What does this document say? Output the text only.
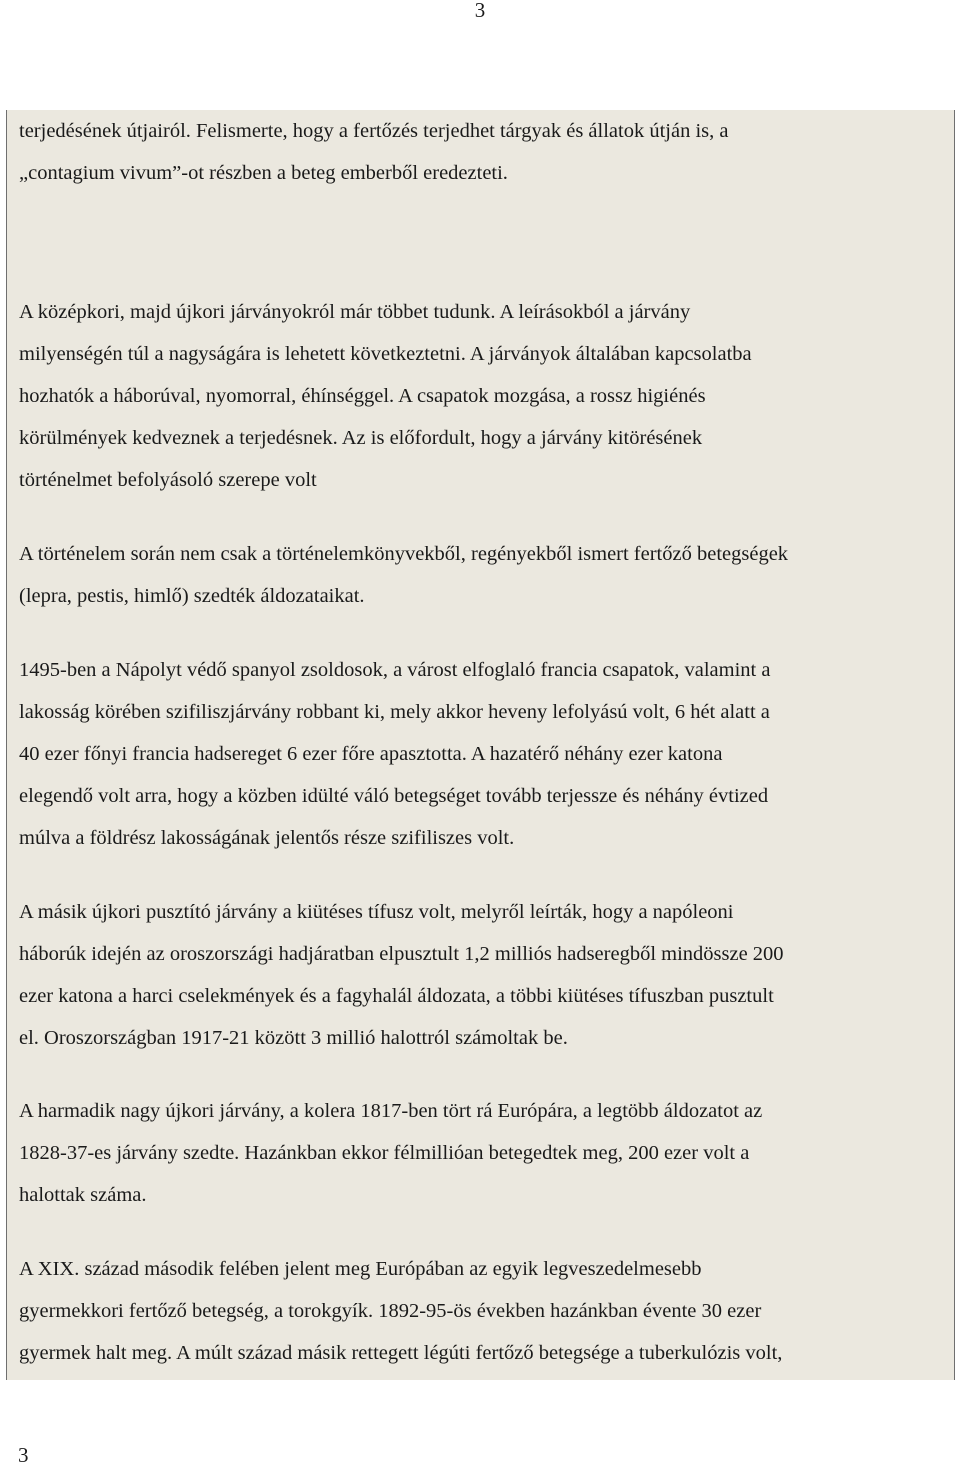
3
terjedésének útjairól. Felismerte, hogy a fertőzés terjedhet tárgyak és állatok útján is, a
„contagium vivum”-ot részben a beteg emberből eredezteti.
A középkori, majd újkori járványokról már többet tudunk. A leírásokból a járvány
milyenségén túl a nagyságára is lehetett következtetni. A járványok általában kapcsolatba
hozhatók a háborúval, nyomorral, éhínséggel. A csapatok mozgása, a rossz higiénés
körülmények kedveznek a terjedésnek. Az is előfordult, hogy a járvány kitörésének
történelmet befolyásoló szerepe volt
A történelem során nem csak a történelemkönyvekből, regényekből ismert fertőző betegségek
(lepra, pestis, himlő) szedték áldozataikat.
1495-ben a Nápolyt védő spanyol zsoldosok, a várost elfoglaló francia csapatok, valamint a
lakosság körében szifiliszjárvány robbant ki, mely akkor heveny lefolyású volt, 6 hét alatt a
40 ezer főnyi francia hadsereget 6 ezer főre apasztotta. A hazatérő néhány ezer katona
elegendő volt arra, hogy a közben idülté váló betegséget tovább terjessze és néhány évtized
múlva a földrész lakosságának jelentős része szifiliszes volt.
A másik újkori pusztító járvány a kiütéses tífusz volt, melyről leírták, hogy a napóleoni
háborúk idején az oroszországi hadjáratban elpusztult 1,2 milliós hadseregből mindössze 200
ezer katona a harci cselekmények és a fagyhalál áldozata, a többi kiütéses tífuszban pusztult
el. Oroszországban 1917-21 között 3 millió halottról számoltak be.
A harmadik nagy újkori járvány, a kolera 1817-ben tört rá Európára, a legtöbb áldozatot az
1828-37-es járvány szedte. Hazánkban ekkor félmillióan betegedtek meg, 200 ezer volt a
halottak száma.
A XIX. század második felében jelent meg Európában az egyik legveszedelmesebb
gyermekkori fertőző betegség, a torokgyík. 1892-95-ös években hazánkban évente 30 ezer
gyermek halt meg. A múlt század másik rettegett légúti fertőző betegsége a tuberkulózis volt,
3
